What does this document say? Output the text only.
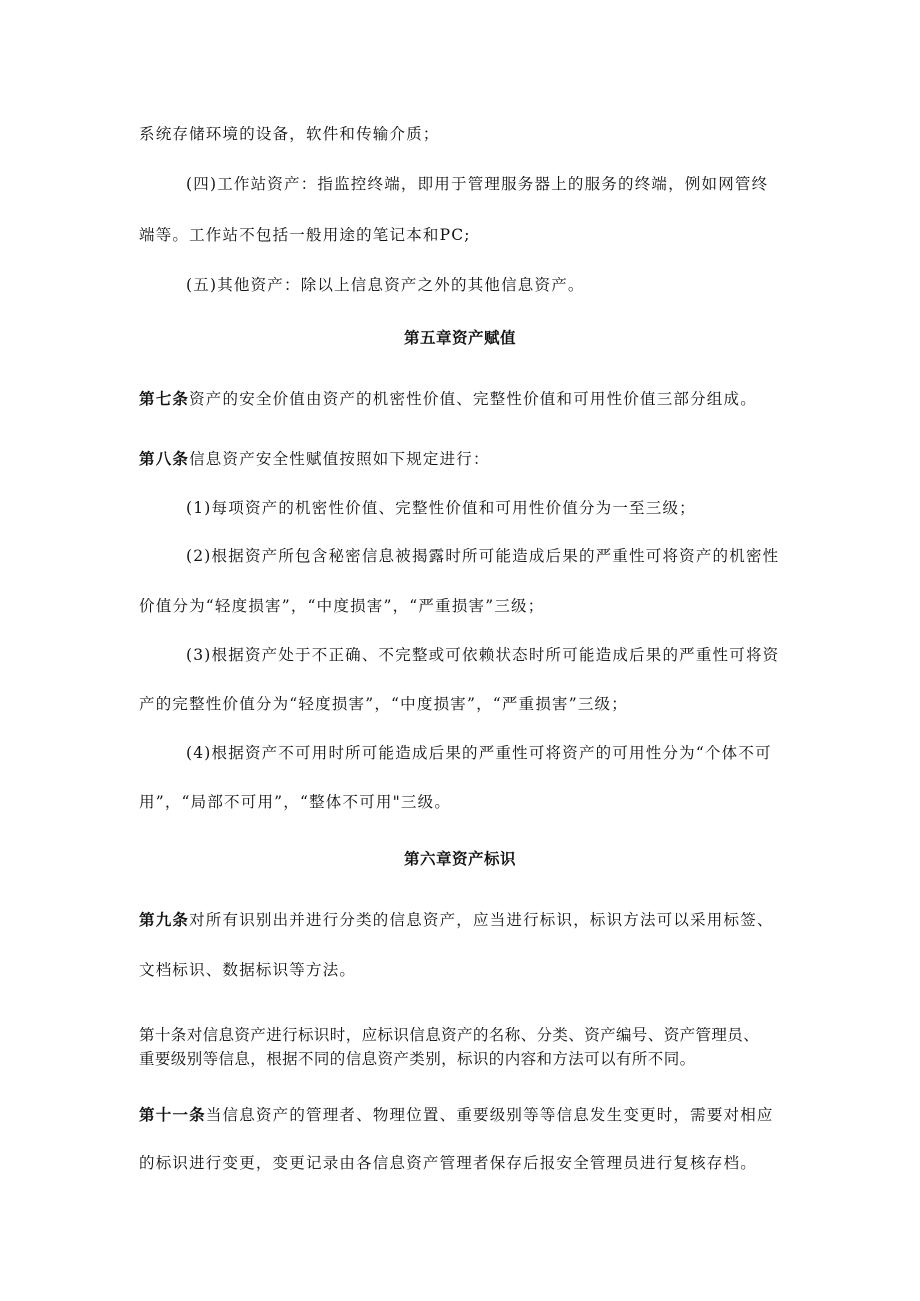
系统存储环境的设备，软件和传输介质；
(四)工作站资产：指监控终端，即用于管理服务器上的服务的终端，例如网管终
端等。工作站不包括一般用途的笔记本和PC;
(五)其他资产：除以上信息资产之外的其他信息资产。
第五章资产赋值
第七条资产的安全价值由资产的机密性价值、完整性价值和可用性价值三部分组成。
第八条信息资产安全性赋值按照如下规定进行：
(1)每项资产的机密性价值、完整性价值和可用性价值分为一至三级；
(2)根据资产所包含秘密信息被揭露时所可能造成后果的严重性可将资产的机密性
价值分为“轻度损害”，“中度损害”，“严重损害”三级；
(3)根据资产处于不正确、不完整或可依赖状态时所可能造成后果的严重性可将资
产的完整性价值分为“轻度损害”，“中度损害”，“严重损害”三级；
(4)根据资产不可用时所可能造成后果的严重性可将资产的可用性分为“个体不可
用”，“局部不可用”，“整体不可用"三级。
第六章资产标识
第九条对所有识别出并进行分类的信息资产，应当进行标识，标识方法可以采用标签、
文档标识、数据标识等方法。
第十条对信息资产进行标识时，应标识信息资产的名称、分类、资产编号、资产管理员、
重要级别等信息，根据不同的信息资产类别，标识的内容和方法可以有所不同。
第十一条当信息资产的管理者、物理位置、重要级别等等信息发生变更时，需要对相应
的标识进行变更，变更记录由各信息资产管理者保存后报安全管理员进行复核存档。
